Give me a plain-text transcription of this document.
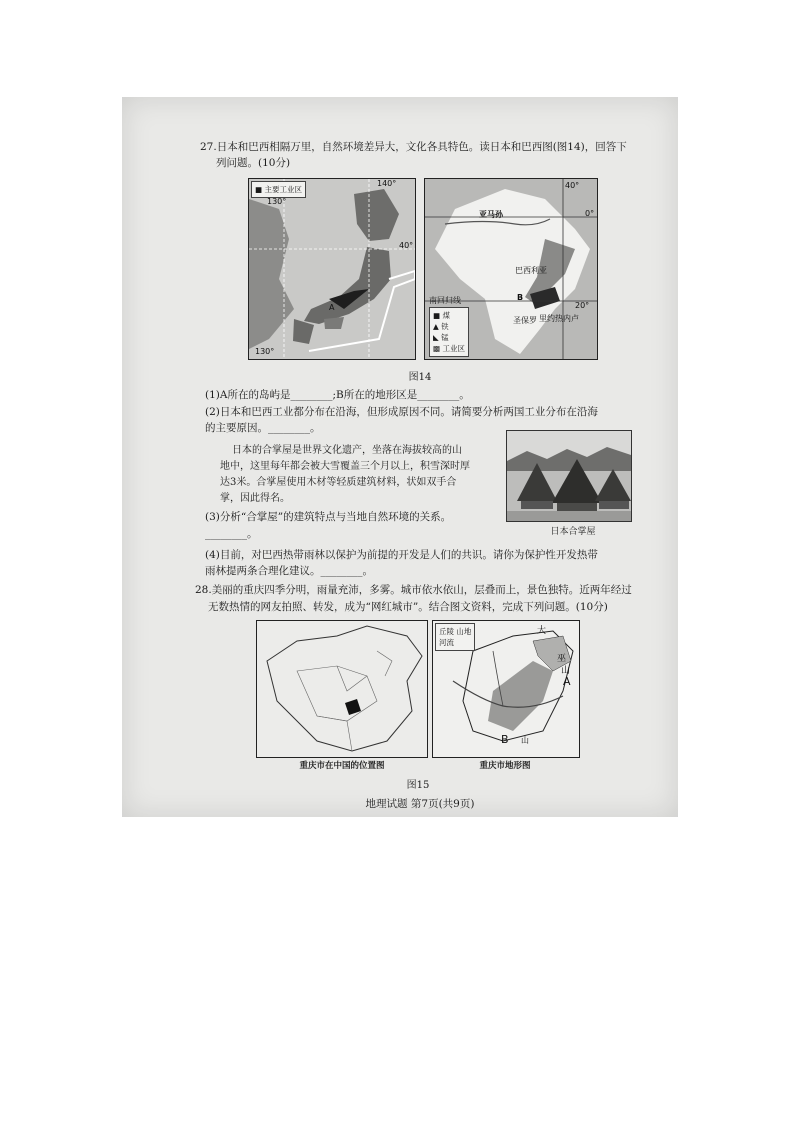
27.日本和巴西相隔万里，自然环境差异大，文化各具特色。读日本和巴西图(图14)，回答下
列问题。(10分)
■ 主要工业区
130°
140°
40°
130°
A
40°
0°
亚马孙
巴西利亚
B
圣保罗 里约热内卢
南回归线
20°
■ 煤
▲ 铁
◣ 锰
▩ 工业区
图14
(1)A所在的岛屿是________;B所在的地形区是________。
(2)日本和巴西工业都分布在沿海，但形成原因不同。请简要分析两国工业分布在沿海
的主要原因。________。
日本的合掌屋是世界文化遗产，坐落在海拔较高的山
地中，这里每年都会被大雪覆盖三个月以上，积雪深时厚
达3米。合掌屋使用木材等轻质建筑材料，状如双手合
掌，因此得名。
日本合掌屋
(3)分析“合掌屋”的建筑特点与当地自然环境的关系。
________。
(4)目前，对巴西热带雨林以保护为前提的开发是人们的共识。请你为保护性开发热带
雨林提两条合理化建议。________。
28.美丽的重庆四季分明，雨量充沛，多雾。城市依水依山，层叠而上，景色独特。近两年经过
无数热情的网友拍照、转发，成为“网红城市”。结合图文资料，完成下列问题。(10分)
重庆市在中国的位置图
丘陵 山地
河流
大
巫
山
A
B 山
重庆市地形图
图15
地理试题 第7页(共9页)
